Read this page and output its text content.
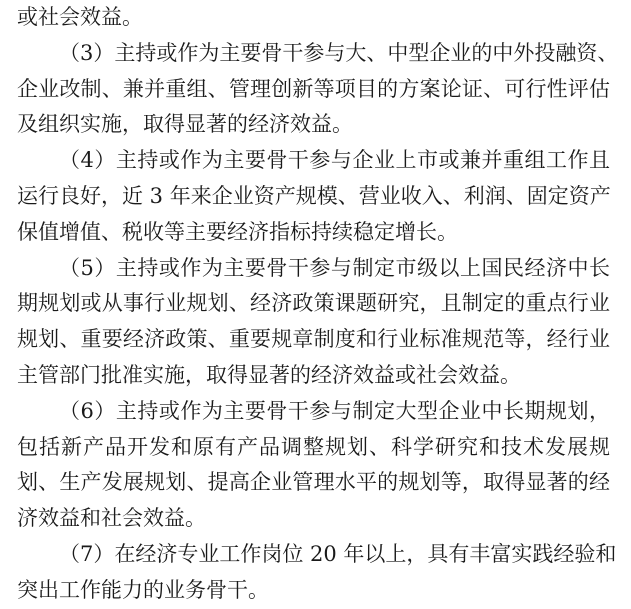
或社会效益。
（3）主持或作为主要骨干参与大、中型企业的中外投融资、
企业改制、兼并重组、管理创新等项目的方案论证、可行性评估
及组织实施，取得显著的经济效益。
（4）主持或作为主要骨干参与企业上市或兼并重组工作且
运行良好，近 3 年来企业资产规模、营业收入、利润、固定资产
保值增值、税收等主要经济指标持续稳定增长。
（5）主持或作为主要骨干参与制定市级以上国民经济中长
期规划或从事行业规划、经济政策课题研究，且制定的重点行业
规划、重要经济政策、重要规章制度和行业标准规范等，经行业
主管部门批准实施，取得显著的经济效益或社会效益。
（6）主持或作为主要骨干参与制定大型企业中长期规划，
包括新产品开发和原有产品调整规划、科学研究和技术发展规
划、生产发展规划、提高企业管理水平的规划等，取得显著的经
济效益和社会效益。
（7）在经济专业工作岗位 20 年以上，具有丰富实践经验和
突出工作能力的业务骨干。
